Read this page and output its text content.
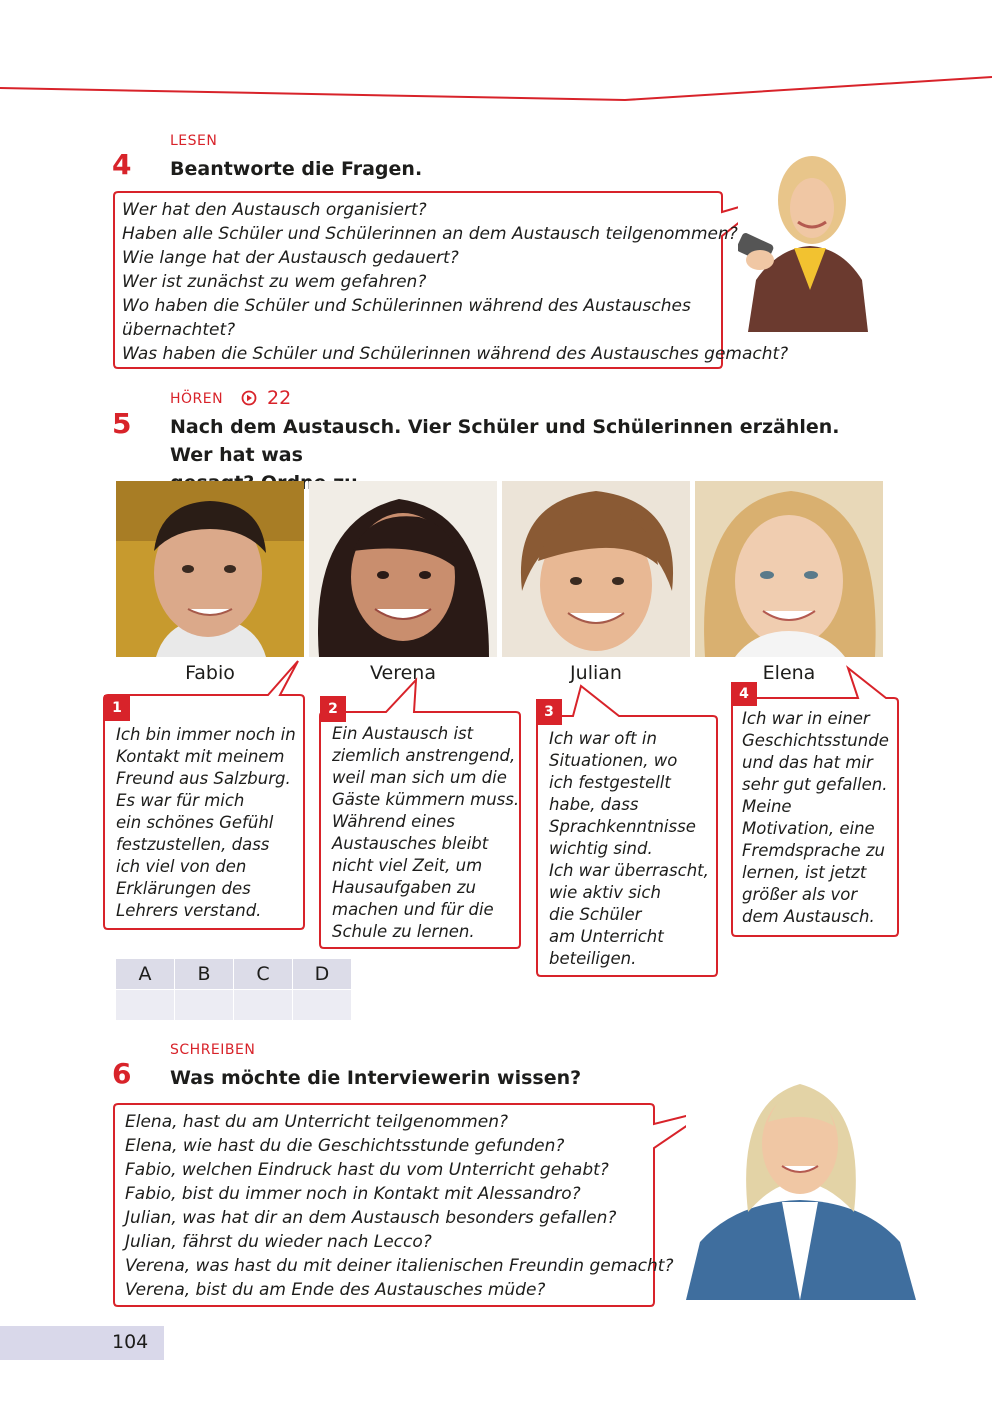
LESEN
4 Beantworte die Fragen.
Wer hat den Austausch organisiert?
Haben alle Schüler und Schülerinnen an dem Austausch teilgenommen?
Wie lange hat der Austausch gedauert?
Wer ist zunächst zu wem gefahren?
Wo haben die Schüler und Schülerinnen während des Austausches
übernachtet?
Was haben die Schüler und Schülerinnen während des Austausches gemacht?
HÖREN 22
5 Nach dem Austausch. Vier Schüler und Schülerinnen erzählen. Wer hat was
Fabio	Verena	Julian	Elena
1
Ich bin immer noch in
Kontakt mit meinem
Freund aus Salzburg.
Es war für mich
ein schönes Gefühl
festzustellen, dass
ich viel von den
Erklärungen des
Lehrers verstand.
2
Ein Austausch ist
ziemlich anstrengend,
weil man sich um die
Gäste kümmern muss.
Während eines
Austausches bleibt
nicht viel Zeit, um
Hausaufgaben zu
machen und für die
Schule zu lernen.
3
Ich war oft in
Situationen, wo
ich festgestellt
habe, dass
Sprachkenntnisse
wichtig sind.
Ich war überrascht,
wie aktiv sich
die Schüler
am Unterricht
beteiligen.
4
Ich war in einer
Geschichtsstunde
und das hat mir
sehr gut gefallen.
Meine
Motivation, eine
Fremdsprache zu
lernen, ist jetzt
größer als vor
dem Austausch.
A	B	C	D

SCHREIBEN
6 Was möchte die Interviewerin wissen?
Elena, hast du am Unterricht teilgenommen?
Elena, wie hast du die Geschichtsstunde gefunden?
Fabio, welchen Eindruck hast du vom Unterricht gehabt?
Fabio, bist du immer noch in Kontakt mit Alessandro?
Julian, was hat dir an dem Austausch besonders gefallen?
Julian, fährst du wieder nach Lecco?
Verena, was hast du mit deiner italienischen Freundin gemacht?
Verena, bist du am Ende des Austausches müde?
104
